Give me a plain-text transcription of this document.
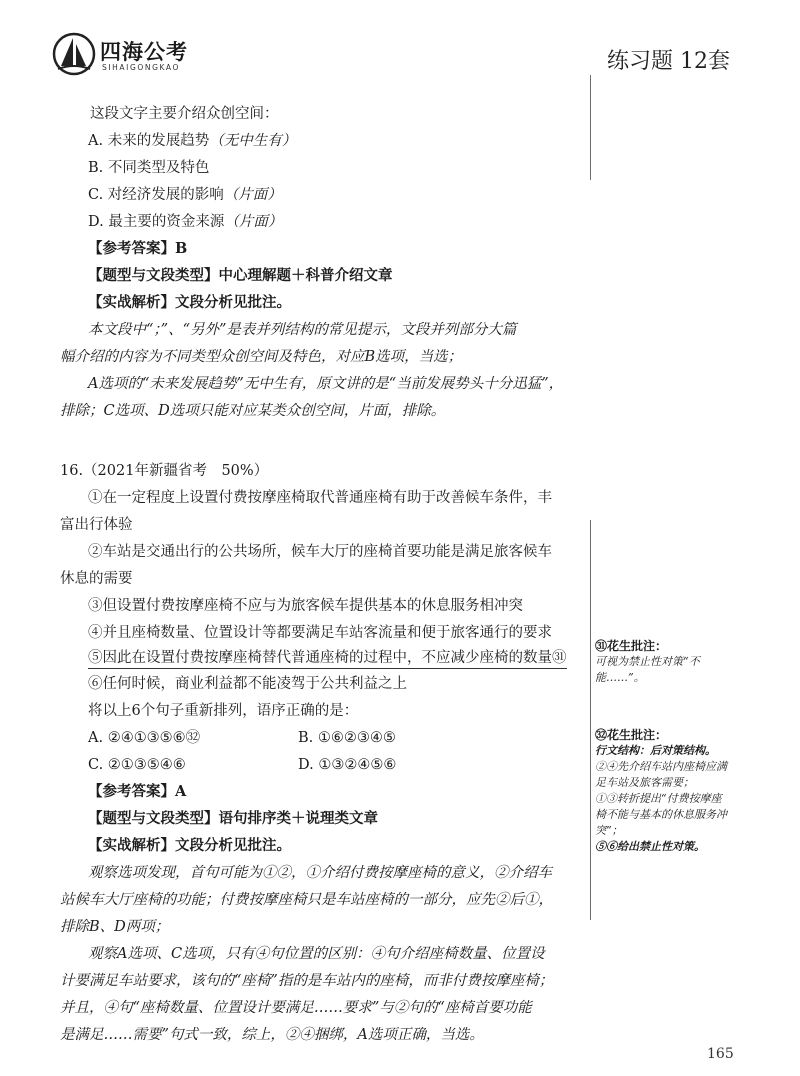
四海公考
SIHAIGONGKAO	练习题 12套
这段文字主要介绍众创空间：
A. 未来的发展趋势（无中生有）
B. 不同类型及特色
C. 对经济发展的影响（片面）
D. 最主要的资金来源（片面）
【参考答案】B
【题型与文段类型】中心理解题＋科普介绍文章
【实战解析】文段分析见批注。
本文段中“；”、“另外”是表并列结构的常见提示，文段并列部分大篇
幅介绍的内容为不同类型众创空间及特色，对应B选项，当选；
A选项的“未来发展趋势”无中生有，原文讲的是“当前发展势头十分迅猛”，
排除；C选项、D选项只能对应某类众创空间，片面，排除。
16.（2021年新疆省考　50%）
①在一定程度上设置付费按摩座椅取代普通座椅有助于改善候车条件，丰
富出行体验
②车站是交通出行的公共场所，候车大厅的座椅首要功能是满足旅客候车
休息的需要
③但设置付费按摩座椅不应与为旅客候车提供基本的休息服务相冲突
④并且座椅数量、位置设计等都要满足车站客流量和便于旅客通行的要求
⑤因此在设置付费按摩座椅替代普通座椅的过程中，不应减少座椅的数量㉛
⑥任何时候，商业利益都不能凌驾于公共利益之上
将以上6个句子重新排列，语序正确的是：
A. ②④①③⑤⑥㉜	B. ①⑥②③④⑤
C. ②①③⑤④⑥	D. ①③②④⑤⑥
【参考答案】A
【题型与文段类型】语句排序类＋说理类文章
【实战解析】文段分析见批注。
观察选项发现，首句可能为①②，①介绍付费按摩座椅的意义，②介绍车
站候车大厅座椅的功能；付费按摩座椅只是车站座椅的一部分，应先②后①，
排除B、D两项；
观察A选项、C选项，只有④句位置的区别：④句介绍座椅数量、位置设
计要满足车站要求，该句的“座椅”指的是车站内的座椅，而非付费按摩座椅；
并且，④句“座椅数量、位置设计要满足……要求”与②句的“座椅首要功能
是满足……需要”句式一致，综上，②④捆绑，A选项正确，当选。
㉛花生批注：
可视为禁止性对策“不
能……”。
㉜花生批注：
行文结构：后对策结构。
②④先介绍车站内座椅应满
足车站及旅客需要；
①③转折提出“付费按摩座
椅不能与基本的休息服务冲
突”；
⑤⑥给出禁止性对策。
165
